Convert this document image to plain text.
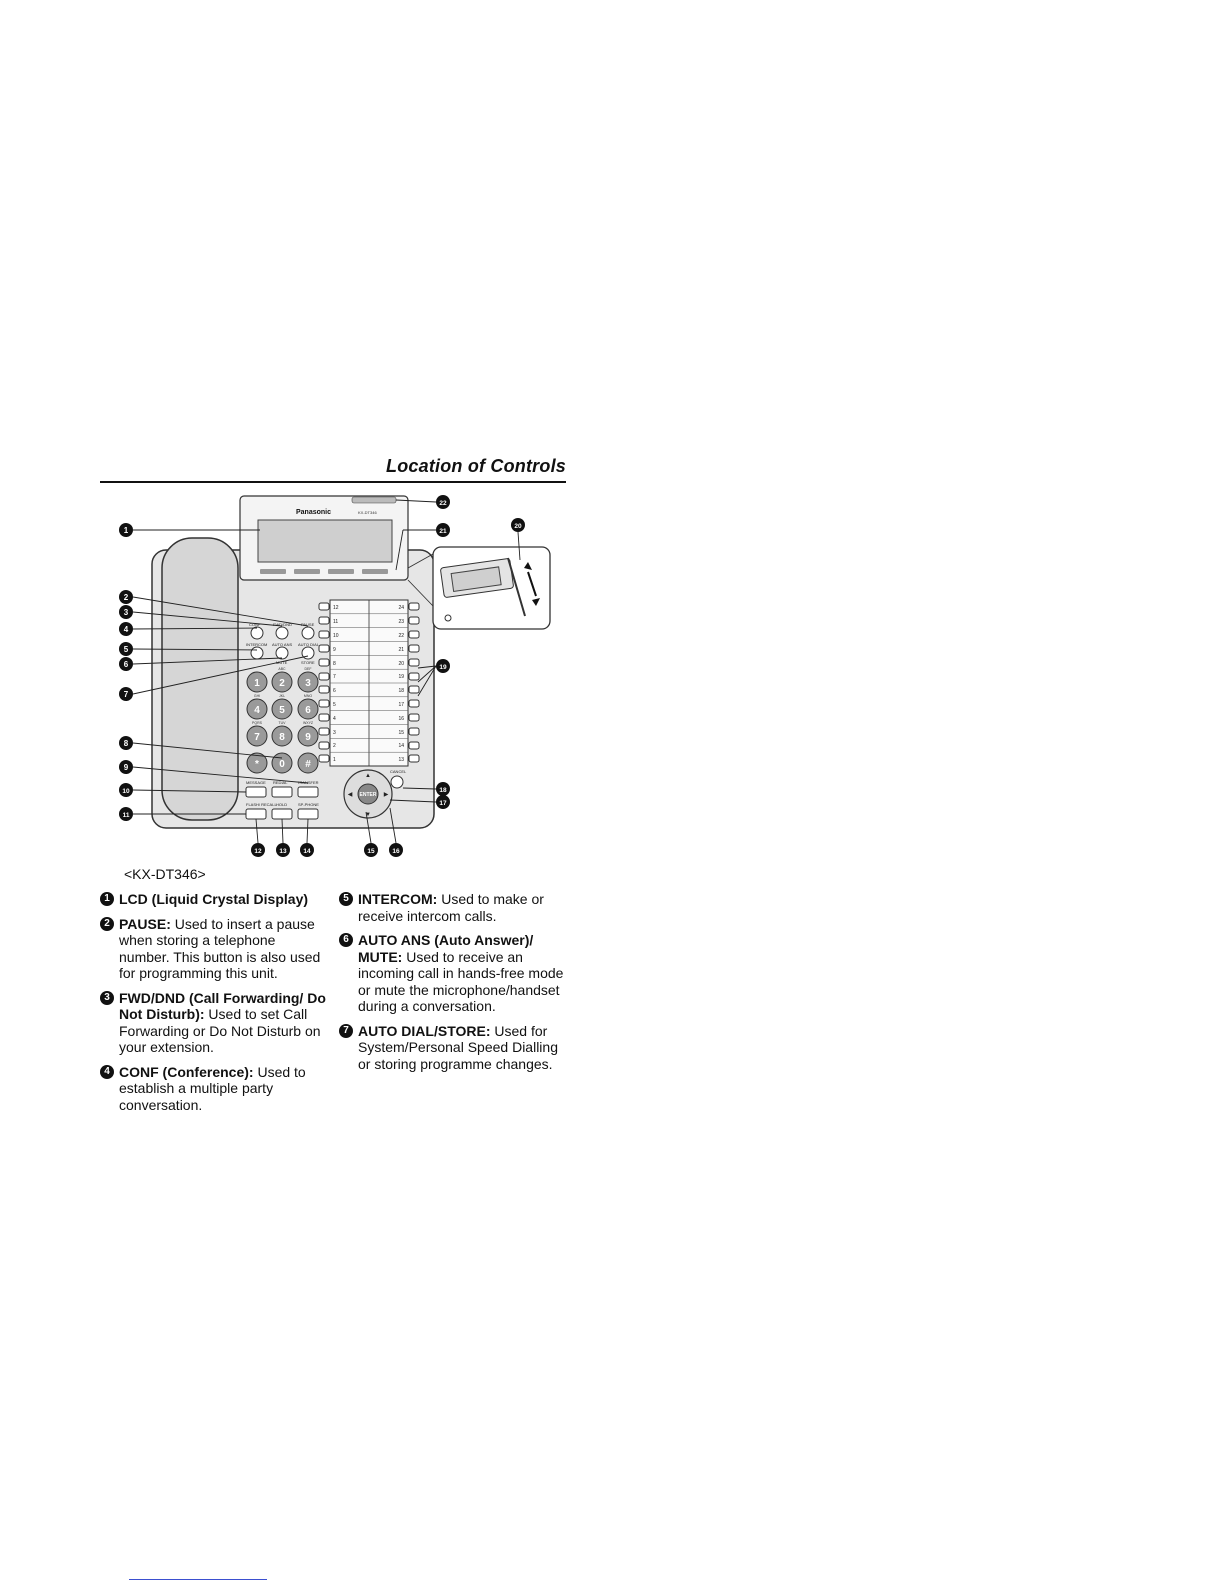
Location of Controls
Panasonic	KX-DT346
CONF	FWD/DND PAUSE
INTERCOM AUTO ANS AUTO DIAL
MUTE	STORE
1 2 3
4 5 6
7 8 9
* 0 #
ABC	DEF
GHI	JKL	MNO
PQRS	TUV	WXYZ
MESSAGE REDIAL TRANSFER
FLASH/ RECALL HOLD	SP-PHONE
12
11
10
9
8
7
6
5
4
3
2
1
24
23
22
21
20
19
18
17
16
15
14
13
ENTER
▲
▼
◀	▶
CANCEL
1
2
3
4
5
6
7
8
9
10
11
12	13	14	15	16
17
18
19
20
21
22
<KX-DT346>
1 LCD (Liquid Crystal Display)
2 PAUSE: Used to insert a pause when storing a telephone number. This button is also used for programming this unit.
3 FWD/DND (Call Forwarding/ Do Not Disturb): Used to set Call Forwarding or Do Not Disturb on your extension.
4 CONF (Conference): Used to establish a multiple party conversation.
5 INTERCOM: Used to make or receive intercom calls.
6 AUTO ANS (Auto Answer)/ MUTE: Used to receive an incoming call in hands-free mode or mute the microphone/handset during a conversation.
7 AUTO DIAL/STORE: Used for System/Personal Speed Dialling or storing programme changes.
